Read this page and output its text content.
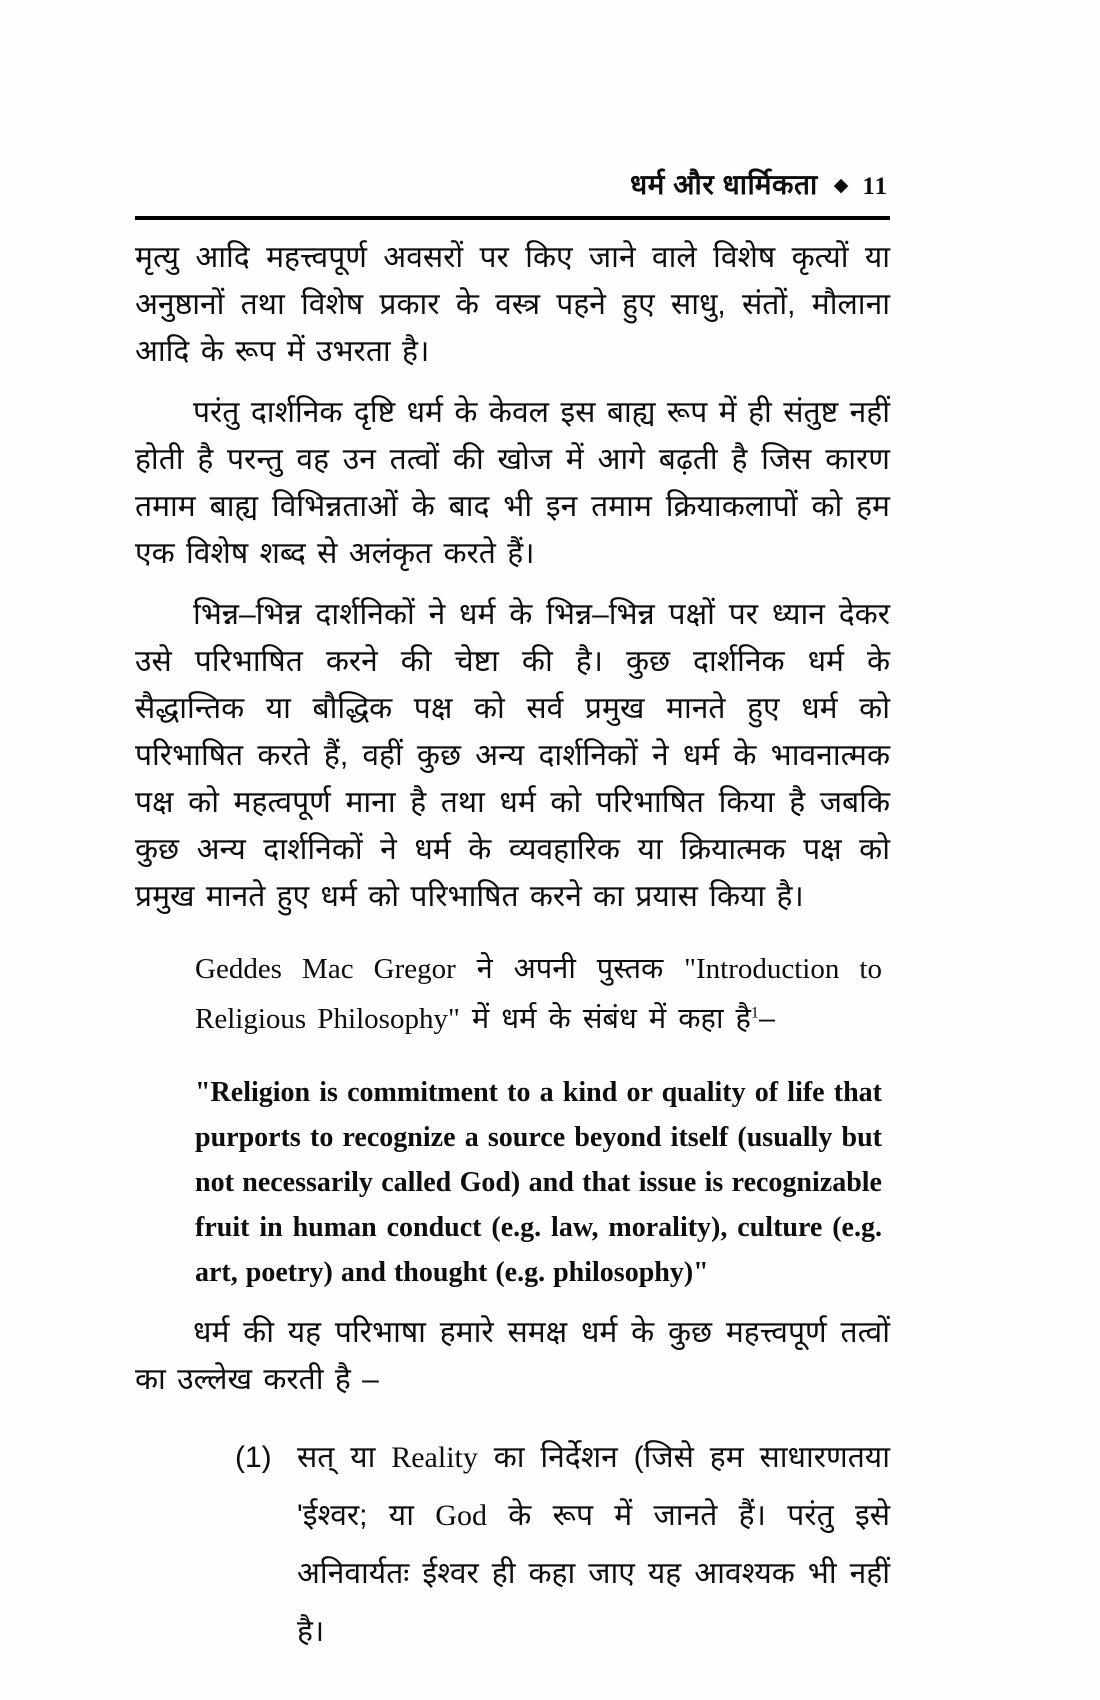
धर्म और धार्मिकता ◆ 11

मृत्यु आदि महत्त्वपूर्ण अवसरों पर किए जाने वाले विशेष कृत्यों या अनुष्ठानों तथा विशेष प्रकार के वस्त्र पहने हुए साधु, संतों, मौलाना आदि के रूप में उभरता है।

परंतु दार्शनिक दृष्टि धर्म के केवल इस बाह्य रूप में ही संतुष्ट नहीं होती है परन्तु वह उन तत्वों की खोज में आगे बढ़ती है जिस कारण तमाम बाह्य विभिन्नताओं के बाद भी इन तमाम क्रियाकलापों को हम एक विशेष शब्द से अलंकृत करते हैं।

भिन्न–भिन्न दार्शनिकों ने धर्म के भिन्न–भिन्न पक्षों पर ध्यान देकर उसे परिभाषित करने की चेष्टा की है। कुछ दार्शनिक धर्म के सैद्धान्तिक या बौद्धिक पक्ष को सर्व प्रमुख मानते हुए धर्म को परिभाषित करते हैं, वहीं कुछ अन्य दार्शनिकों ने धर्म के भावनात्मक पक्ष को महत्वपूर्ण माना है तथा धर्म को परिभाषित किया है जबकि कुछ अन्य दार्शनिकों ने धर्म के व्यवहारिक या क्रियात्मक पक्ष को प्रमुख मानते हुए धर्म को परिभाषित करने का प्रयास किया है।

Geddes Mac Gregor ने अपनी पुस्तक "Introduction to Religious Philosophy" में धर्म के संबंध में कहा है$^1$–

"Religion is commitment to a kind or quality of life that purports to recognize a source beyond itself (usually but not necessarily called God) and that issue is recognizable fruit in human conduct (e.g. law, morality), culture (e.g. art, poetry) and thought (e.g. philosophy)"

धर्म की यह परिभाषा हमारे समक्ष धर्म के कुछ महत्त्वपूर्ण तत्वों का उल्लेख करती है –

(1) सत् या Reality का निर्देशन (जिसे हम साधारणतया 'ईश्वर; या God के रूप में जानते हैं। परंतु इसे अनिवार्यतः ईश्वर ही कहा जाए यह आवश्यक भी नहीं है।
